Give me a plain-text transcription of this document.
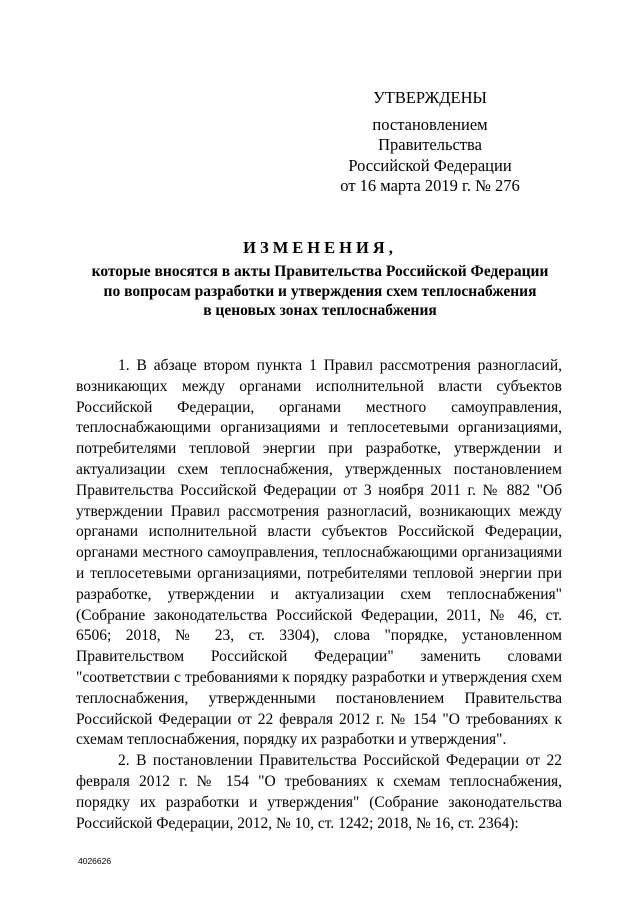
УТВЕРЖДЕНЫ
постановлением Правительства
Российской Федерации
от 16 марта 2019 г. № 276
ИЗМЕНЕНИЯ,
которые вносятся в акты Правительства Российской Федерации
по вопросам разработки и утверждения схем теплоснабжения
в ценовых зонах теплоснабжения

1. В абзаце втором пункта 1 Правил рассмотрения разногласий, возникающих между органами исполнительной власти субъектов Российской Федерации, органами местного самоуправления, теплоснабжающими организациями и теплосетевыми организациями, потребителями тепловой энергии при разработке, утверждении и актуализации схем теплоснабжения, утвержденных постановлением Правительства Российской Федерации от 3 ноября 2011 г. № 882 "Об утверждении Правил рассмотрения разногласий, возникающих между органами исполнительной власти субъектов Российской Федерации, органами местного самоуправления, теплоснабжающими организациями и теплосетевыми организациями, потребителями тепловой энергии при разработке, утверждении и актуализации схем теплоснабжения" (Собрание законодательства Российской Федерации, 2011, № 46, ст. 6506; 2018, № 23, ст. 3304), слова "порядке, установленном Правительством Российской Федерации" заменить словами "соответствии с требованиями к порядку разработки и утверждения схем теплоснабжения, утвержденными постановлением Правительства Российской Федерации от 22 февраля 2012 г. № 154 "О требованиях к схемам теплоснабжения, порядку их разработки и утверждения".

2. В постановлении Правительства Российской Федерации от 22 февраля 2012 г. № 154 "О требованиях к схемам теплоснабжения, порядку их разработки и утверждения" (Собрание законодательства Российской Федерации, 2012, № 10, ст. 1242; 2018, № 16, ст. 2364):

4026626
